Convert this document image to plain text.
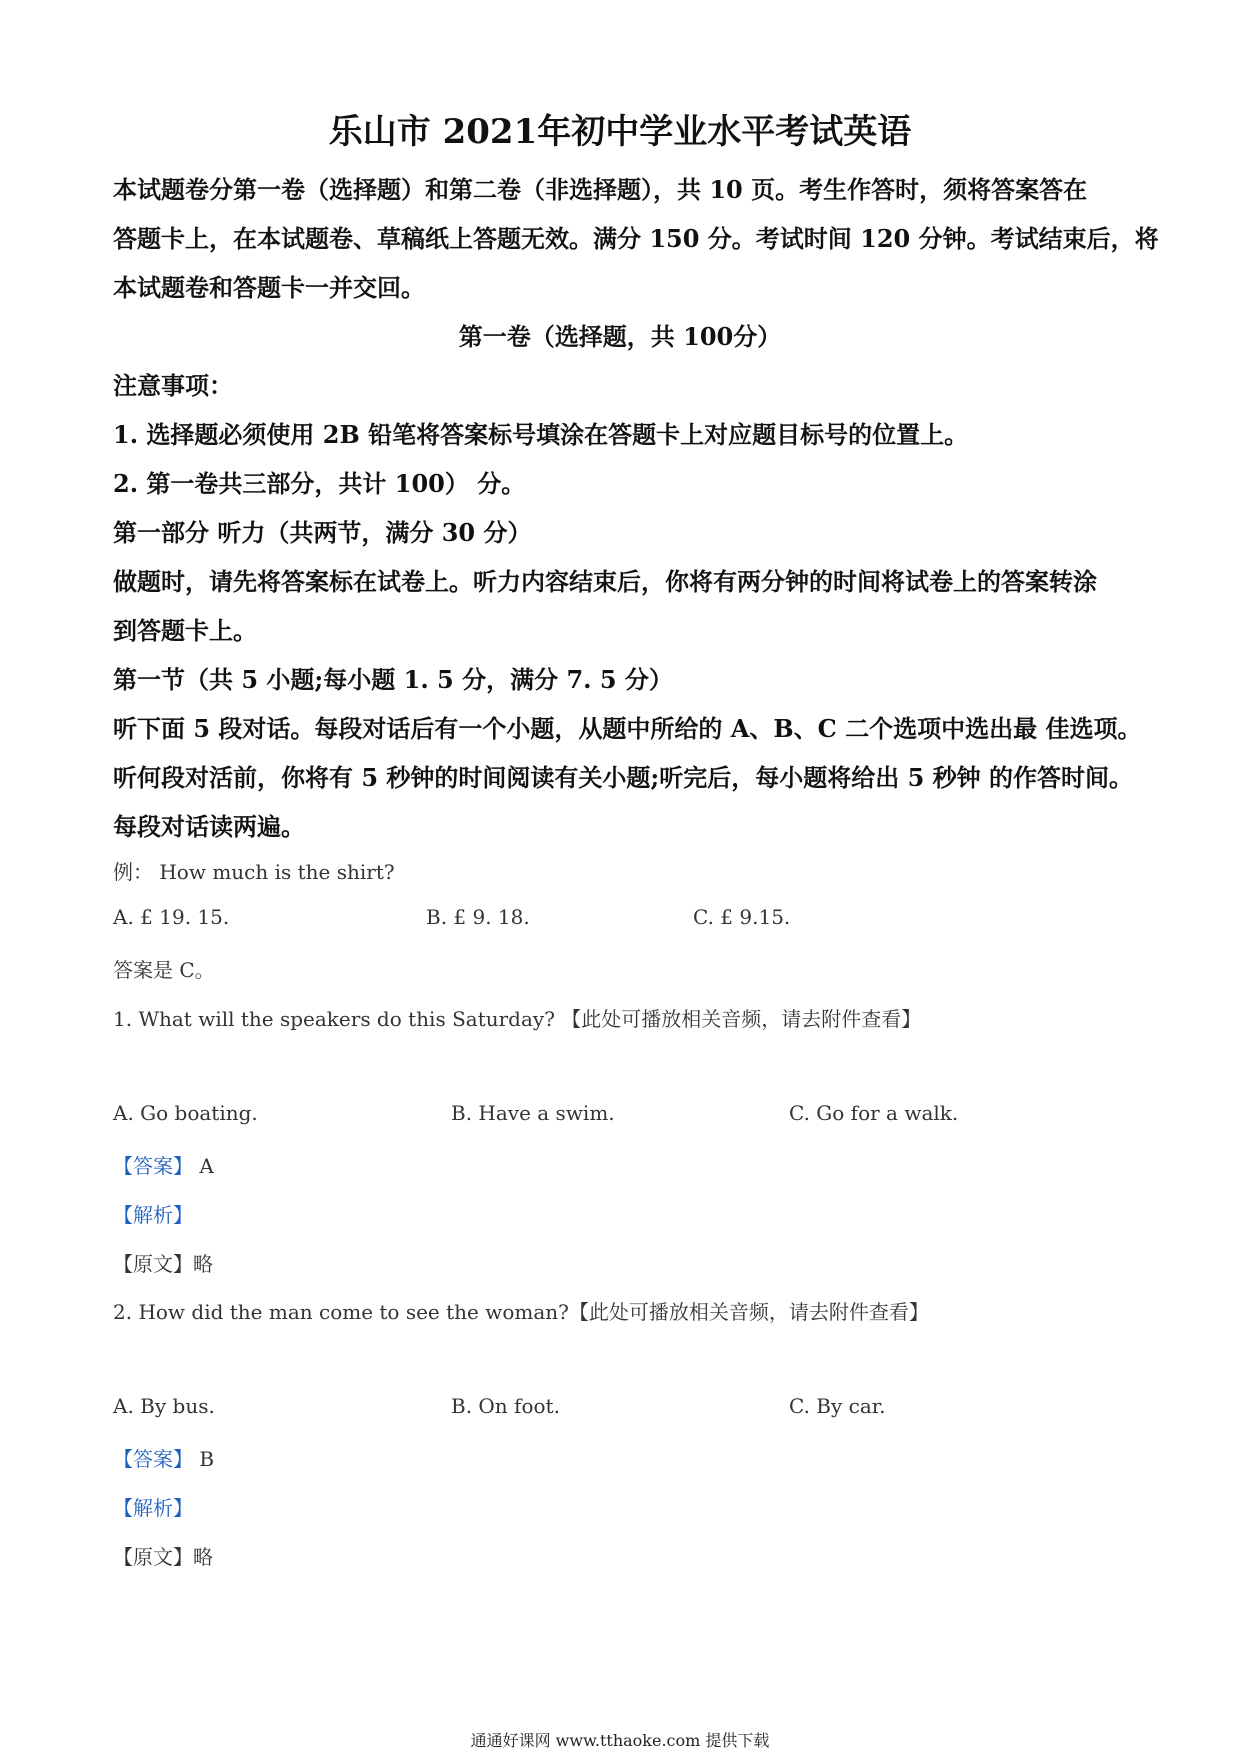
乐山市 2021年初中学业水平考试英语
本试题卷分第一卷（选择题）和第二卷（非选择题），共 10 页。考生作答时，须将答案答在
答题卡上，在本试题卷、草稿纸上答题无效。满分 150 分。考试时间 120 分钟。考试结束后，将
本试题卷和答题卡一并交回。
第一卷（选择题，共 100分）
注意事项：
1. 选择题必须使用 2B 铅笔将答案标号填涂在答题卡上对应题目标号的位置上。
2. 第一卷共三部分，共计 100） 分。
第一部分 听力（共两节，满分 30 分）
做题时，请先将答案标在试卷上。听力内容结束后，你将有两分钟的时间将试卷上的答案转涂
到答题卡上。
第一节（共 5 小题;每小题 1. 5 分，满分 7. 5 分）
听下面 5 段对话。每段对话后有一个小题，从题中所给的 A、B、C 二个选项中选出最 佳选项。
听何段对活前，你将有 5 秒钟的时间阅读有关小题;听完后，每小题将给出 5 秒钟 的作答时间。
每段对话读两遍。
例： How much is the shirt?
A. £ 19. 15.	B. £ 9. 18.	C. £ 9.15.
答案是 C。
1. What will the speakers do this Saturday? 【此处可播放相关音频，请去附件查看】
A. Go boating.	B. Have a swim.	C. Go for a walk.
【答案】 A
【解析】
【原文】略
2. How did the man come to see the woman?【此处可播放相关音频，请去附件查看】
A. By bus.	B. On foot.	C. By car.
【答案】 B
【解析】
【原文】略
通通好课网 www.tthaoke.com 提供下载
